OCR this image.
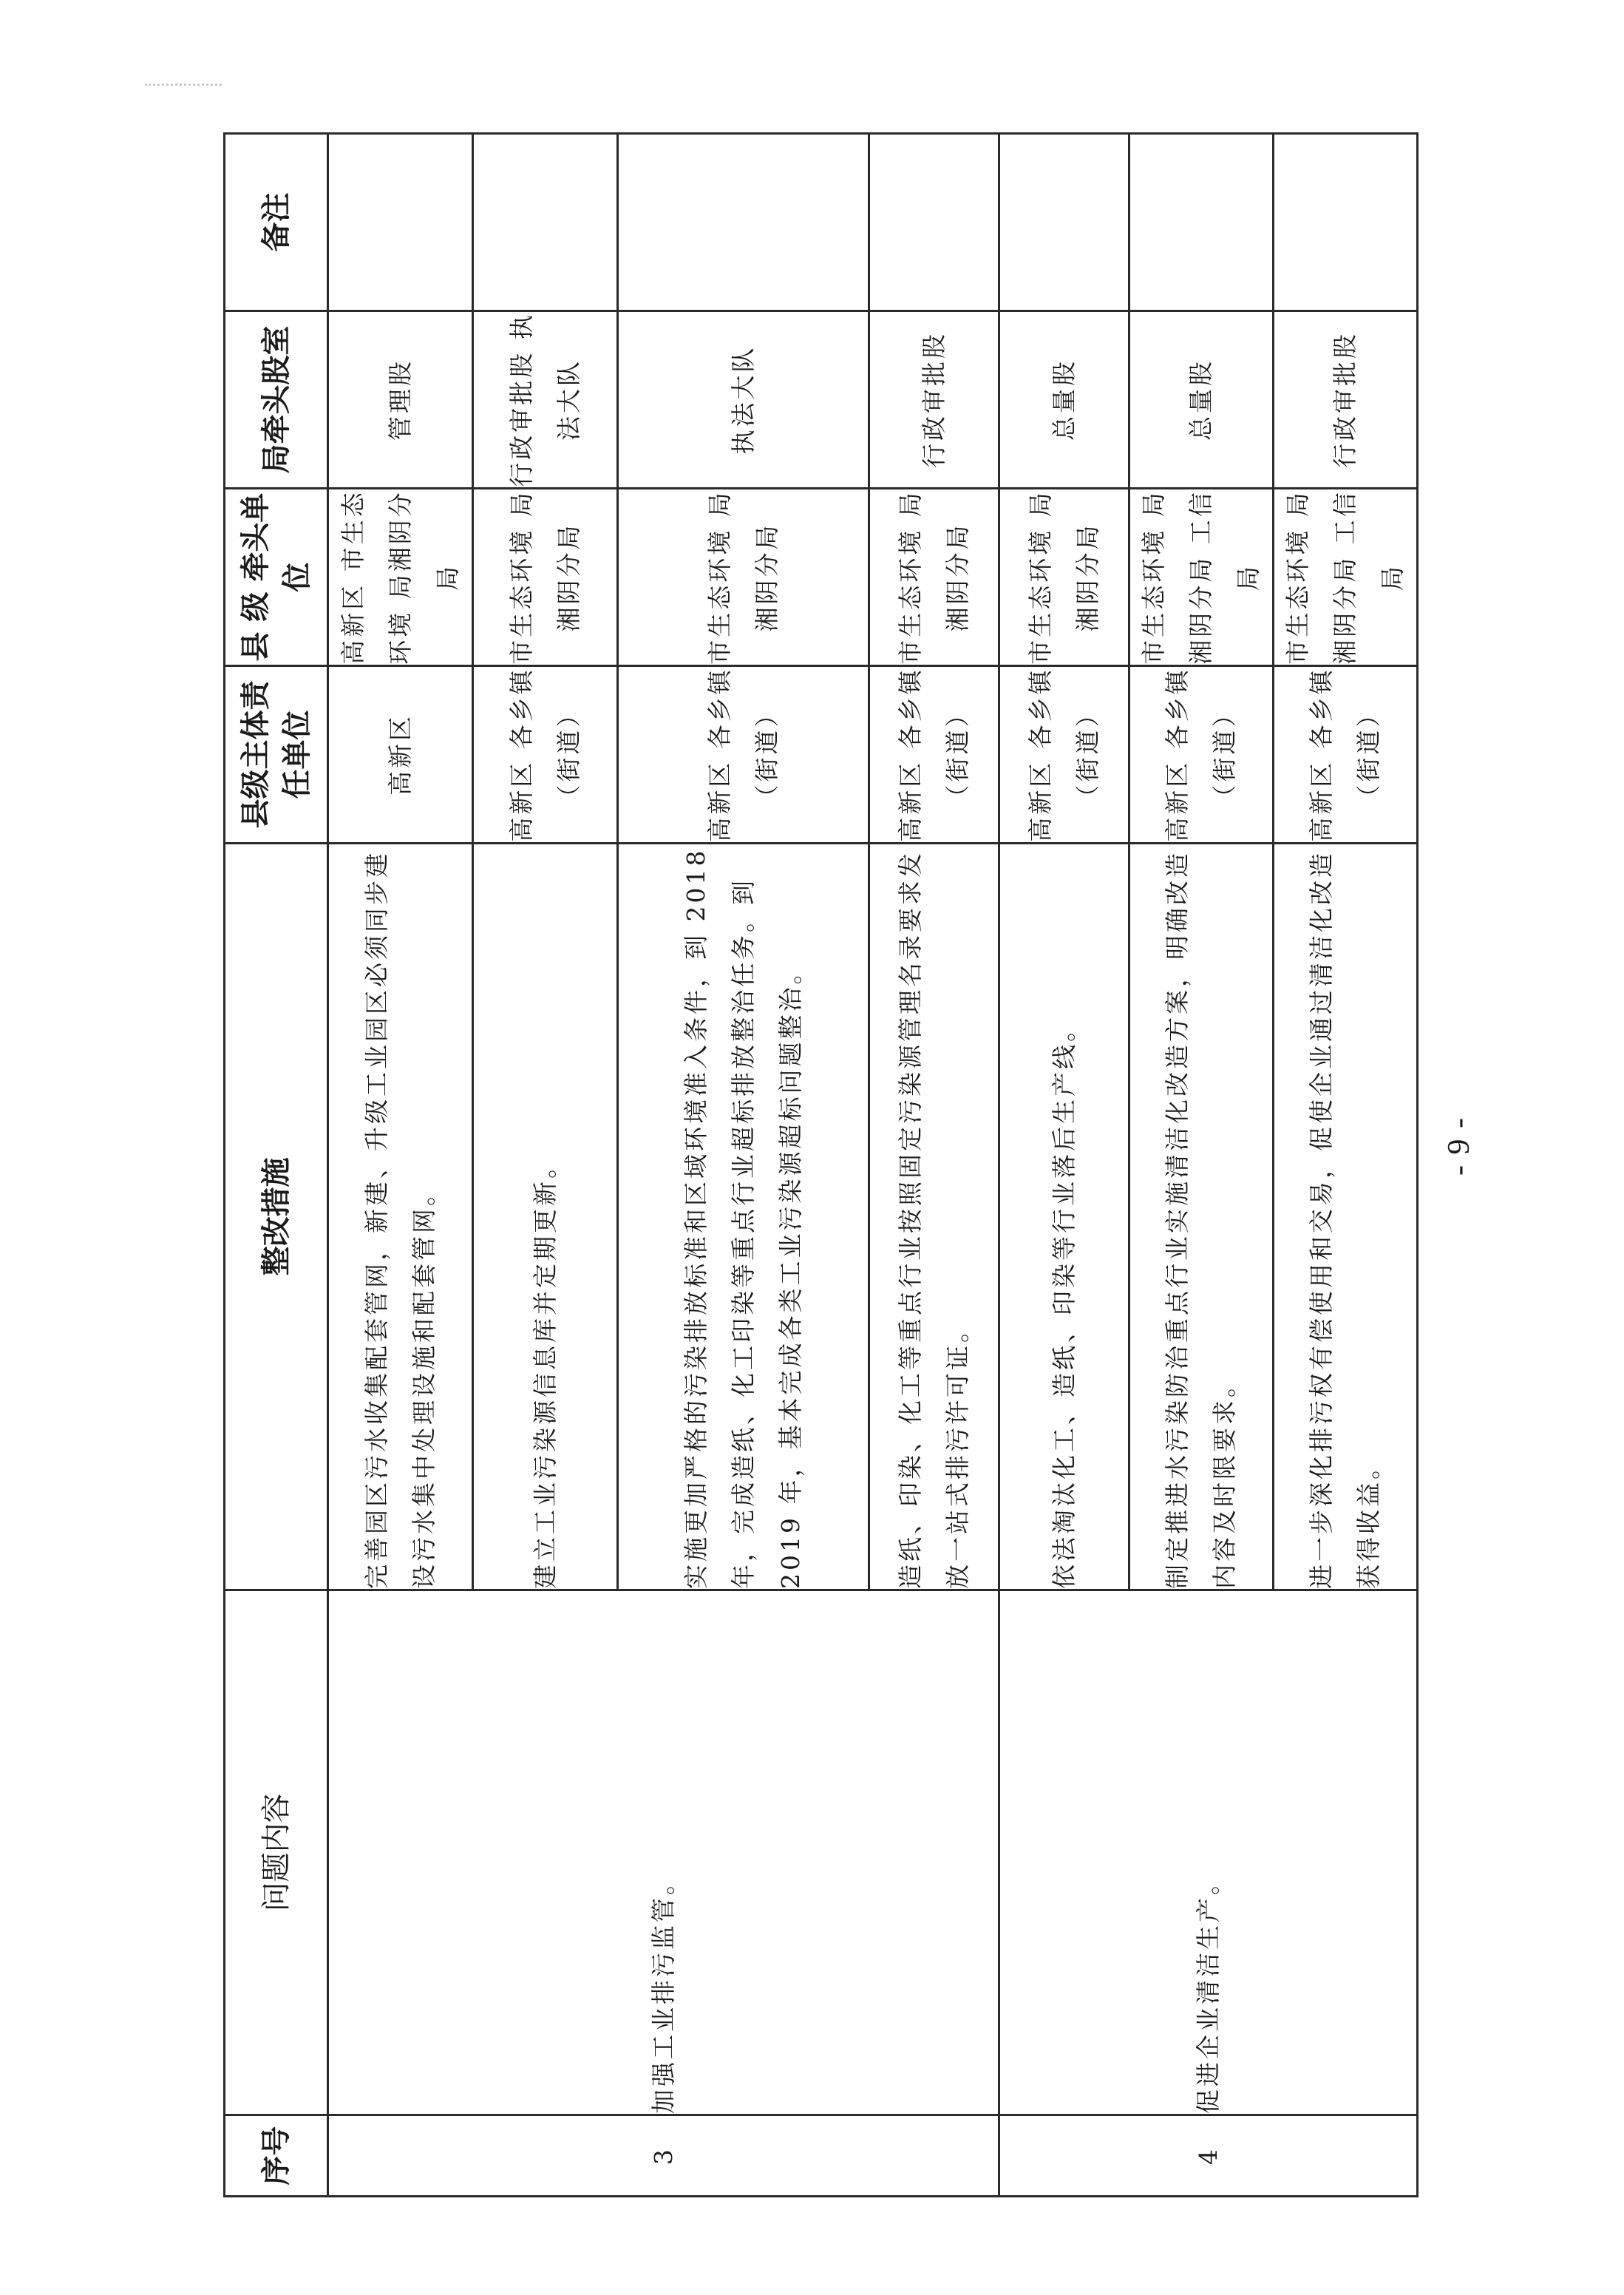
序号	问题内容	整改措施	县级主体责任单位	县 级 牵头单位	局牵头股室	备注
3	加强工业排污监管。	完善园区污水收集配套管网，新建、升级工业园区必须同步建设污水集中处理设施和配套管网。	高新区	高新区 市生态环境 局湘阴分局	管理股	
		建立工业污染源信息库并定期更新。	高新区 各乡镇 （街道）	市生态环境 局湘阴分局	行政审批股 执法大队	
		实施更加严格的污染排放标准和区域环境准入条件，到 2018 年，完成造纸、化工印染等重点行业超标排放整治任务。到 2019 年，基本完成各类工业污染源超标问题整治。	高新区 各乡镇 （街道）	市生态环境 局湘阴分局	执法大队	
		造纸、印染、化工等重点行业按照固定污染源管理名录要求发放一站式排污许可证。	高新区 各乡镇 （街道）	市生态环境 局湘阴分局	行政审批股	
4	促进企业清洁生产。	依法淘汰化工、造纸、印染等行业落后生产线。	高新区 各乡镇 （街道）	市生态环境 局湘阴分局	总量股	
		制定推进水污染防治重点行业实施清洁化改造方案，明确改造内容及时限要求。	高新区 各乡镇 （街道）	市生态环境 局湘阴分局 工信局	总量股	
		进一步深化排污权有偿使用和交易，促使企业通过清洁化改造获得收益。	高新区 各乡镇 （街道）	市生态环境 局湘阴分局 工信局	行政审批股	
- 9 -
